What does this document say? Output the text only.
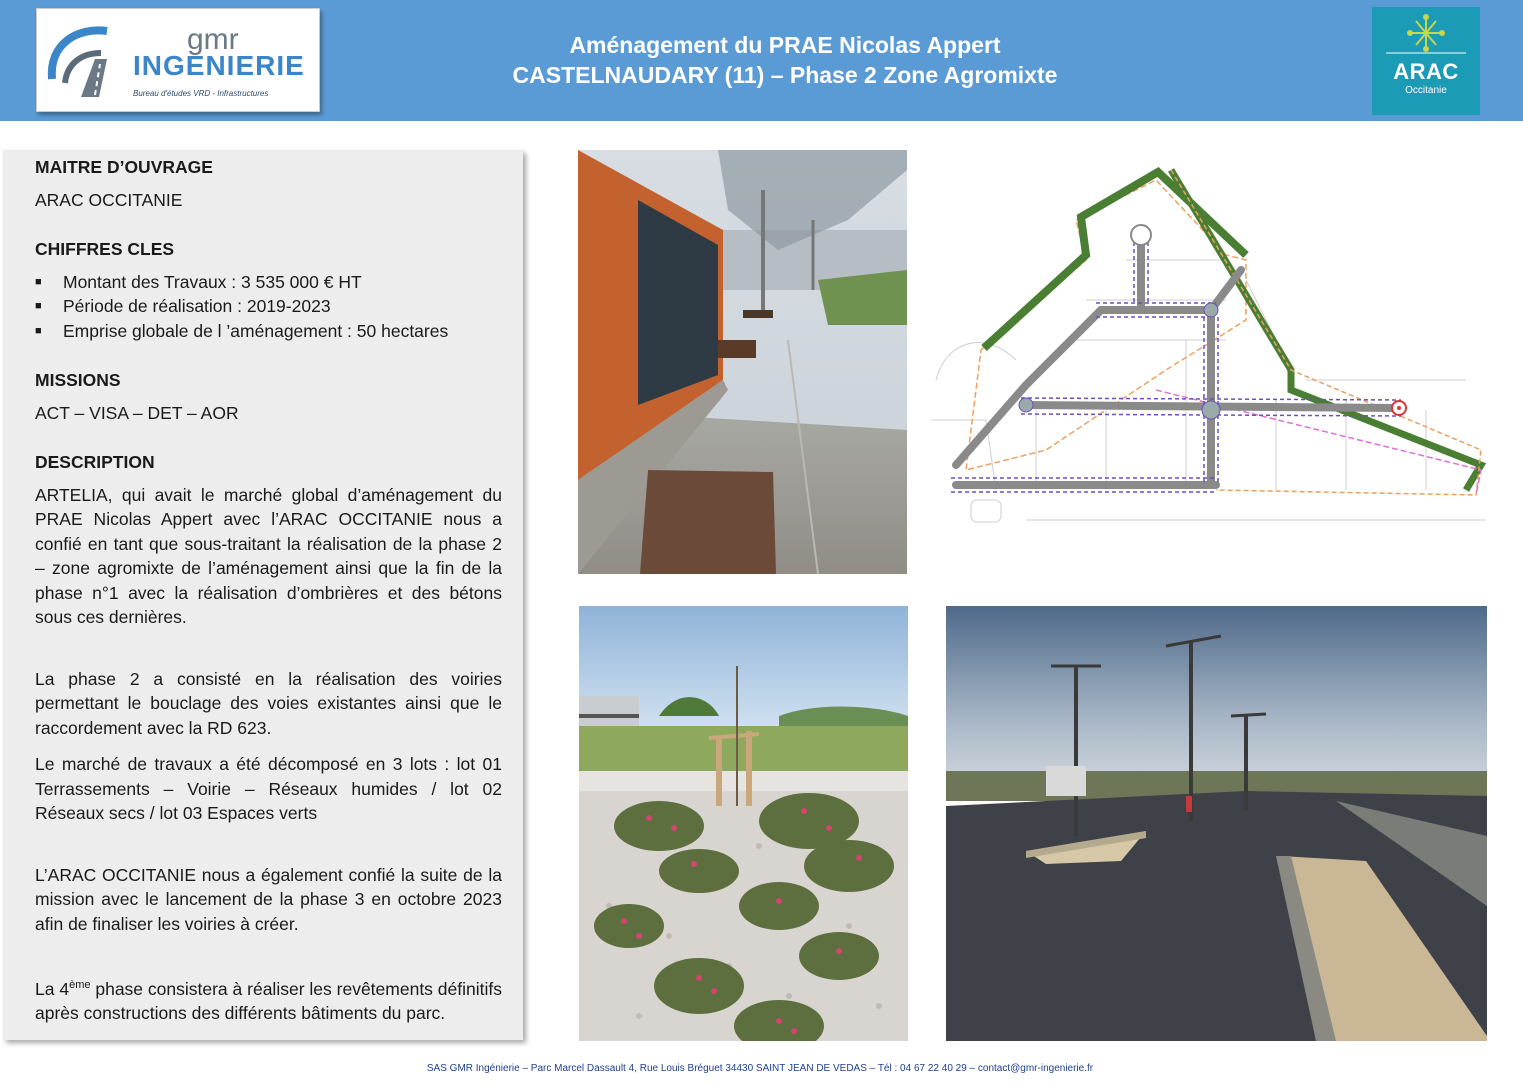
gmr
INGENIERIE
Bureau d'études VRD - Infrastructures
Aménagement du PRAE Nicolas Appert
CASTELNAUDARY (11) – Phase 2 Zone Agromixte	ARAC
Occitanie

MAITRE D’OUVRAGE

ARAC OCCITANIE

CHIFFRES CLES

■ Montant des Travaux : 3 535 000 € HT
■ Période de réalisation : 2019-2023
■ Emprise globale de l ’aménagement : 50 hectares

MISSIONS

ACT – VISA – DET – AOR

DESCRIPTION

ARTELIA, qui avait le marché global d’aménagement du PRAE Nicolas Appert avec l’ARAC OCCITANIE nous a confié en tant que sous-traitant la réalisation de la phase 2 – zone agromixte de l’aménagement ainsi que la fin de la phase n°1 avec la réalisation d’ombrières et des bétons sous ces dernières.

La phase 2 a consisté en la réalisation des voiries permettant le bouclage des voies existantes ainsi que le raccordement avec la RD 623.

Le marché de travaux a été décomposé en 3 lots : lot 01 Terrassements – Voirie – Réseaux humides / lot 02 Réseaux secs / lot 03 Espaces verts

L’ARAC OCCITANIE nous a également confié la suite de la mission avec le lancement de la phase 3 en octobre 2023 afin de finaliser les voiries à créer.

La 4ème phase consistera à réaliser les revêtements définitifs après constructions des différents bâtiments du parc.

SAS GMR Ingénierie – Parc Marcel Dassault 4, Rue Louis Bréguet 34430 SAINT JEAN DE VEDAS – Tél : 04 67 22 40 29 – contact@gmr-ingenierie.fr
